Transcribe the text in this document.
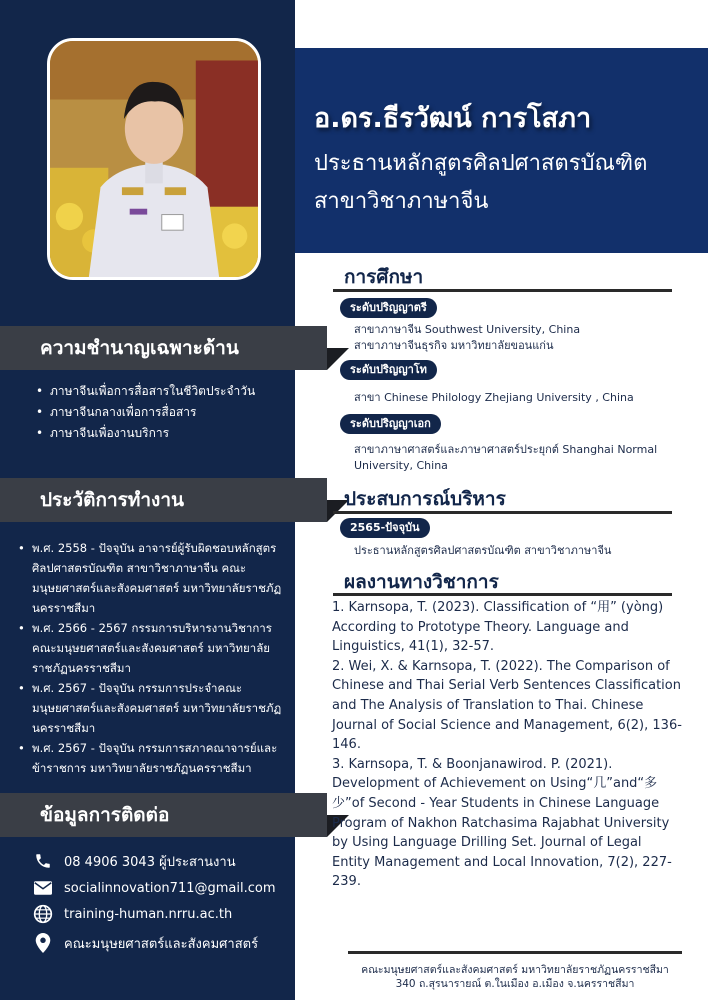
อ.ดร.ธีรวัฒน์ การโสภา
ประธานหลักสูตรศิลปศาสตรบัณฑิต
สาขาวิชาภาษาจีน
ความชำนาญเฉพาะด้าน
• ภาษาจีนเพื่อการสื่อสารในชีวิตประจำวัน
• ภาษาจีนกลางเพื่อการสื่อสาร
• ภาษาจีนเพื่องานบริการ
ประวัติการทำงาน
• พ.ศ. 2558 - ปัจจุบัน อาจารย์ผู้รับผิดชอบหลักสูตรศิลปศาสตรบัณฑิต สาขาวิชาภาษาจีน คณะมนุษยศาสตร์และสังคมศาสตร์ มหาวิทยาลัยราชภัฏนครราชสีมา
• พ.ศ. 2566 - 2567 กรรมการบริหารงานวิชาการ คณะมนุษยศาสตร์และสังคมศาสตร์ มหาวิทยาลัยราชภัฏนครราชสีมา
• พ.ศ. 2567 - ปัจจุบัน กรรมการประจำคณะมนุษยศาสตร์และสังคมศาสตร์ มหาวิทยาลัยราชภัฏนครราชสีมา
• พ.ศ. 2567 - ปัจจุบัน กรรมการสภาคณาจารย์และข้าราชการ มหาวิทยาลัยราชภัฏนครราชสีมา
ข้อมูลการติดต่อ
08 4906 3043 ผู้ประสานงาน
socialinnovation711@gmail.com
training-human.nrru.ac.th
คณะมนุษยศาสตร์และสังคมศาสตร์
การศึกษา
ระดับปริญญาตรี
สาขาภาษาจีน Southwest University, China
สาขาภาษาจีนธุรกิจ มหาวิทยาลัยขอนแก่น
ระดับปริญญาโท
สาขา Chinese Philology Zhejiang University , China
ระดับปริญญาเอก
สาขาภาษาศาสตร์และภาษาศาสตร์ประยุกต์ Shanghai Normal
University, China
ประสบการณ์บริหาร
2565-ปัจจุบัน
ประธานหลักสูตรศิลปศาสตรบัณฑิต สาขาวิชาภาษาจีน
ผลงานทางวิชาการ

1. Karnsopa, T. (2023). Classification of “用” (yòng) According to Prototype Theory. Language and Linguistics, 41(1), 32-57.

2. Wei, X. & Karnsopa, T. (2022). The Comparison of Chinese and Thai Serial Verb Sentences Classification and The Analysis of Translation to Thai. Chinese Journal of Social Science and Management, 6(2), 136-146.

3. Karnsopa, T. & Boonjanawirod. P. (2021). Development of Achievement on Using“几”and“多少”of Second - Year Students in Chinese Language Program of Nakhon Ratchasima Rajabhat University by Using Language Drilling Set. Journal of Legal Entity Management and Local Innovation, 7(2), 227-239.

คณะมนุษยศาสตร์และสังคมศาสตร์ มหาวิทยาลัยราชภัฏนครราชสีมา
340 ถ.สุรนารายณ์ ต.ในเมือง อ.เมือง จ.นครราชสีมา
